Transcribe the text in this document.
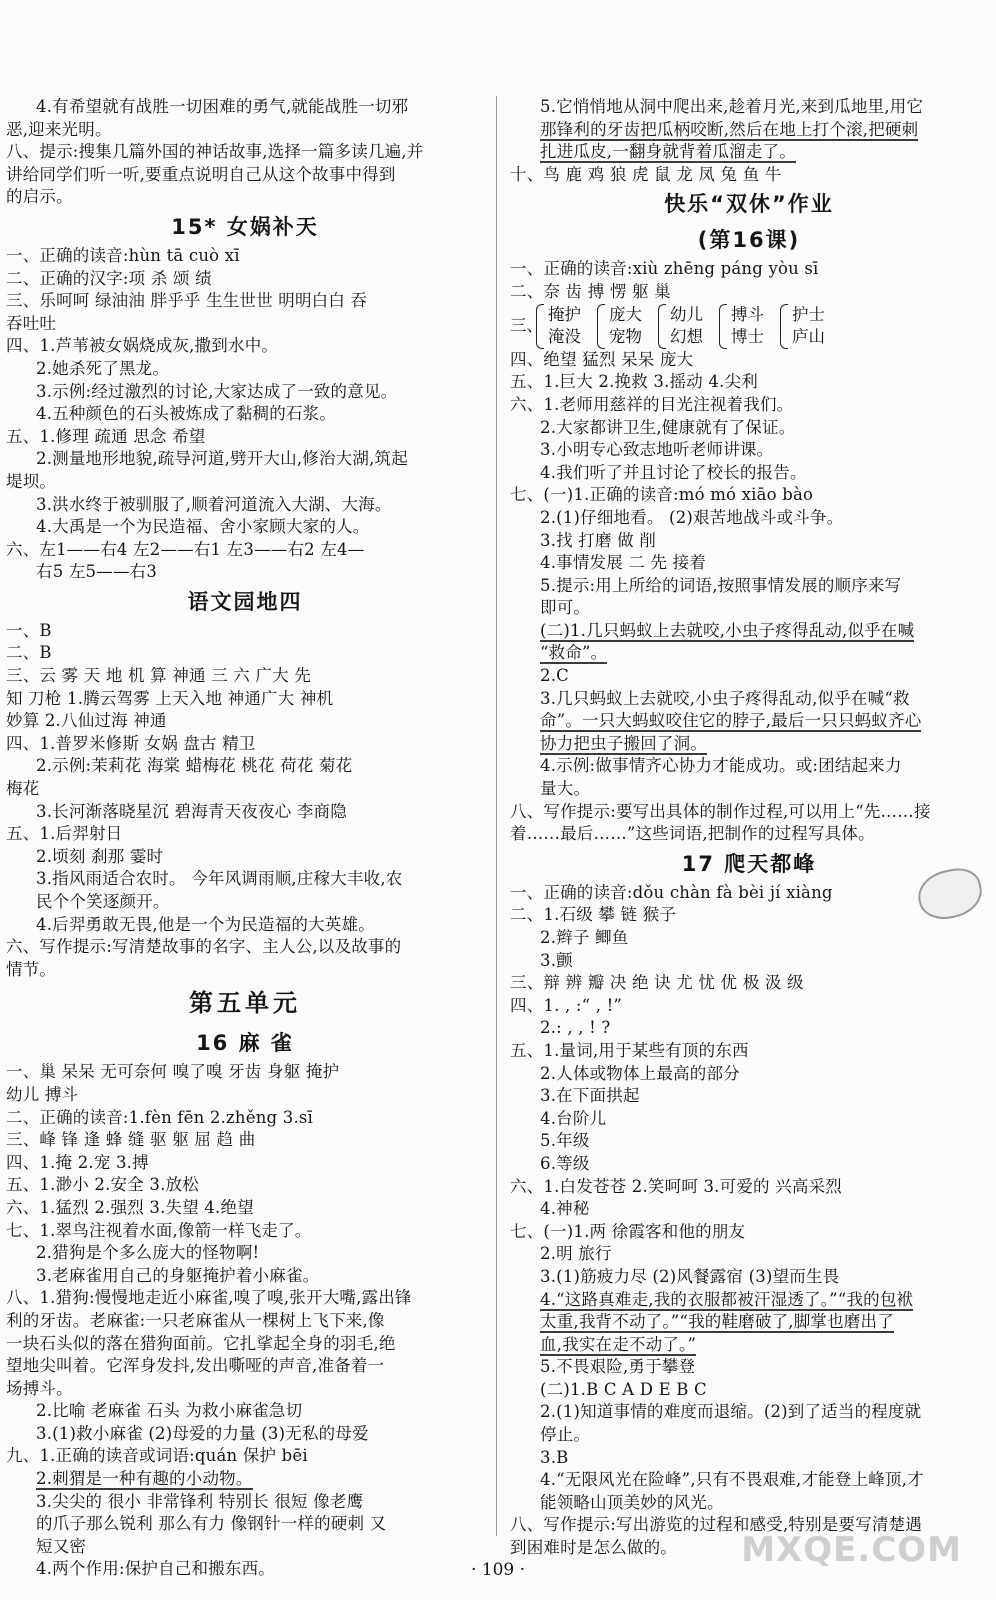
4.有希望就有战胜一切困难的勇气,就能战胜一切邪
恶,迎来光明。
八、提示:搜集几篇外国的神话故事,选择一篇多读几遍,并
讲给同学们听一听,要重点说明自己从这个故事中得到
的启示。
15* 女娲补天
一、正确的读音:hùn tā cuò xī
二、正确的汉字:项 杀 颂 绩
三、乐呵呵 绿油油 胖乎乎 生生世世 明明白白 吞
吞吐吐
四、1.芦苇被女娲烧成灰,撒到水中。
2.她杀死了黑龙。
3.示例:经过激烈的讨论,大家达成了一致的意见。
4.五种颜色的石头被炼成了黏稠的石浆。
五、1.修理 疏通 思念 希望
2.测量地形地貌,疏导河道,劈开大山,修治大湖,筑起
堤坝。
3.洪水终于被驯服了,顺着河道流入大湖、大海。
4.大禹是一个为民造福、舍小家顾大家的人。
六、左1——右4 左2——右1 左3——右2 左4—
右5 左5——右3
语文园地四
一、B
二、B
三、云 雾 天 地 机 算 神通 三 六 广大 先
知 刀枪 1.腾云驾雾 上天入地 神通广大 神机
妙算 2.八仙过海 神通
四、1.普罗米修斯 女娲 盘古 精卫
2.示例:茉莉花 海棠 蜡梅花 桃花 荷花 菊花
梅花
3.长河渐落晓星沉 碧海青天夜夜心 李商隐
五、1.后羿射日
2.顷刻 刹那 霎时
3.指风雨适合农时。 今年风调雨顺,庄稼大丰收,农
民个个笑逐颜开。
4.后羿勇敢无畏,他是一个为民造福的大英雄。
六、写作提示:写清楚故事的名字、主人公,以及故事的
情节。
第五单元
16 麻 雀
一、巢 呆呆 无可奈何 嗅了嗅 牙齿 身躯 掩护
幼儿 搏斗
二、正确的读音:1.fèn fēn 2.zhěng 3.sī
三、峰 锋 逢 蜂 缝 驱 躯 屈 趋 曲
四、1.掩 2.宠 3.搏
五、1.渺小 2.安全 3.放松
六、1.猛烈 2.强烈 3.失望 4.绝望
七、1.翠鸟注视着水面,像箭一样飞走了。
2.猎狗是个多么庞大的怪物啊!
3.老麻雀用自己的身躯掩护着小麻雀。
八、1.猎狗:慢慢地走近小麻雀,嗅了嗅,张开大嘴,露出锋
利的牙齿。老麻雀:一只老麻雀从一棵树上飞下来,像
一块石头似的落在猎狗面前。它扎挲起全身的羽毛,绝
望地尖叫着。它浑身发抖,发出嘶哑的声音,准备着一
场搏斗。
2.比喻 老麻雀 石头 为救小麻雀急切
3.(1)救小麻雀 (2)母爱的力量 (3)无私的母爱
九、1.正确的读音或词语:quán 保护 bēi
2.刺猬是一种有趣的小动物。
3.尖尖的 很小 非常锋利 特别长 很短 像老鹰
的爪子那么锐利 那么有力 像钢针一样的硬刺 又
短又密
4.两个作用:保护自己和搬东西。
5.它悄悄地从洞中爬出来,趁着月光,来到瓜地里,用它
那锋利的牙齿把瓜柄咬断,然后在地上打个滚,把硬刺
扎进瓜皮,一翻身就背着瓜溜走了。
十、鸟 鹿 鸡 狼 虎 鼠 龙 凤 兔 鱼 牛
快乐“双休”作业
(第16课)
一、正确的读音:xiù zhēng páng yòu sī
二、奈 齿 搏 愣 躯 巢
三、
掩护
淹没
庞大
宠物
幼儿
幻想
搏斗
博士
护士
庐山
四、绝望 猛烈 呆呆 庞大
五、1.巨大 2.挽救 3.摇动 4.尖利
六、1.老师用慈祥的目光注视着我们。
2.大家都讲卫生,健康就有了保证。
3.小明专心致志地听老师讲课。
4.我们听了并且讨论了校长的报告。
七、(一)1.正确的读音:mó mó xiāo bào
2.(1)仔细地看。 (2)艰苦地战斗或斗争。
3.找 打磨 做 削
4.事情发展 二 先 接着
5.提示:用上所给的词语,按照事情发展的顺序来写
即可。
(二)1.几只蚂蚁上去就咬,小虫子疼得乱动,似乎在喊
“救命”。
2.C
3.几只蚂蚁上去就咬,小虫子疼得乱动,似乎在喊“救
命”。一只大蚂蚁咬住它的脖子,最后一只只蚂蚁齐心
协力把虫子搬回了洞。
4.示例:做事情齐心协力才能成功。或:团结起来力
量大。
八、写作提示:要写出具体的制作过程,可以用上“先……接
着……最后……”这些词语,把制作的过程写具体。
17 爬天都峰
一、正确的读音:dǒu chàn fà bèi jí xiàng
二、1.石级 攀 链 猴子
2.辫子 鲫鱼
3.颤
三、辩 辨 瓣 决 绝 诀 尤 忧 优 极 汲 级
四、1. , :“ , !”
2.: , , ! ?
五、1.量词,用于某些有顶的东西
2.人体或物体上最高的部分
3.在下面拱起
4.台阶儿
5.年级
6.等级
六、1.白发苍苍 2.笑呵呵 3.可爱的 兴高采烈
4.神秘
七、(一)1.两 徐霞客和他的朋友
2.明 旅行
3.(1)筋疲力尽 (2)风餐露宿 (3)望而生畏
4.“这路真难走,我的衣服都被汗湿透了。”“我的包袱
太重,我背不动了。”“我的鞋磨破了,脚掌也磨出了
血,我实在走不动了。”
5.不畏艰险,勇于攀登
(二)1.B C A D E B C
2.(1)知道事情的难度而退缩。(2)到了适当的程度就
停止。
3.B
4.“无限风光在险峰”,只有不畏艰难,才能登上峰顶,才
能领略山顶美妙的风光。
八、写作提示:写出游览的过程和感受,特别是要写清楚遇
到困难时是怎么做的。
· 109 ·	MXQE.COM
